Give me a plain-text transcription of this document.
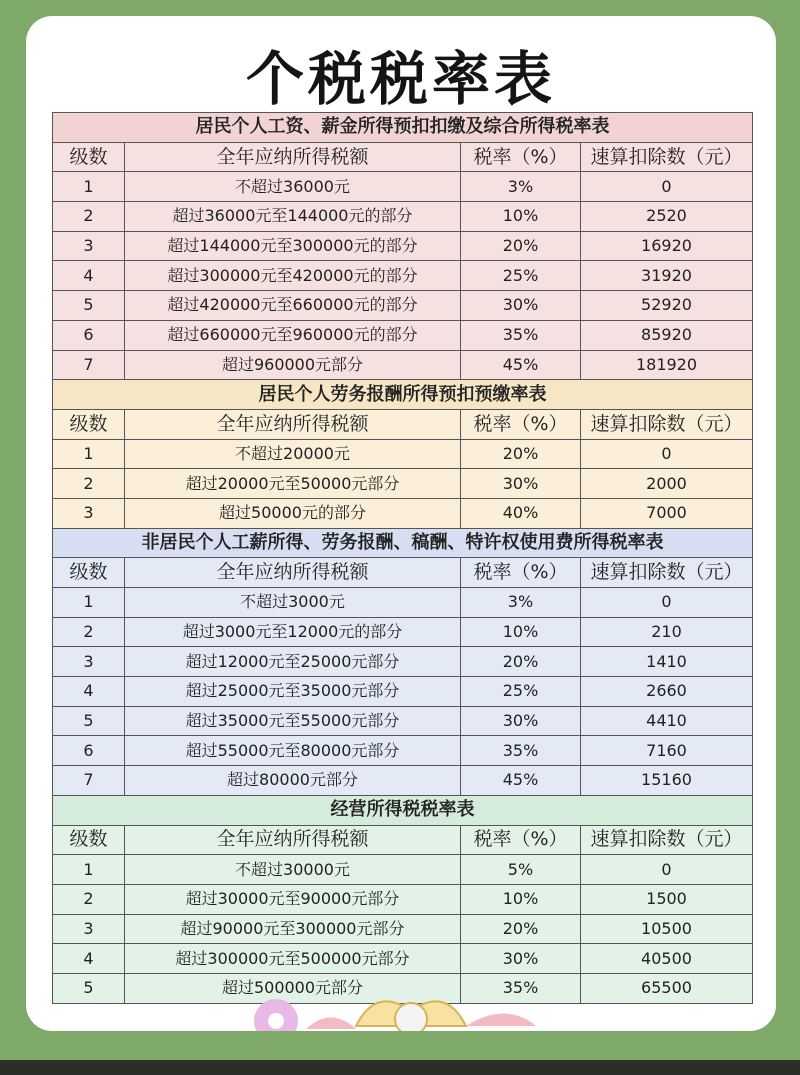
个税税率表
居民个人工资、薪金所得预扣扣缴及综合所得税率表			
级数	全年应纳所得税额	税率（%）	速算扣除数（元）
1	不超过36000元	3%	0
2	超过36000元至144000元的部分	10%	2520
3	超过144000元至300000元的部分	20%	16920
4	超过300000元至420000元的部分	25%	31920
5	超过420000元至660000元的部分	30%	52920
6	超过660000元至960000元的部分	35%	85920
7	超过960000元部分	45%	181920
居民个人劳务报酬所得预扣预缴率表			
级数	全年应纳所得税额	税率（%）	速算扣除数（元）
1	不超过20000元	20%	0
2	超过20000元至50000元部分	30%	2000
3	超过50000元的部分	40%	7000
非居民个人工薪所得、劳务报酬、稿酬、特许权使用费所得税率表			
级数	全年应纳所得税额	税率（%）	速算扣除数（元）
1	不超过3000元	3%	0
2	超过3000元至12000元的部分	10%	210
3	超过12000元至25000元部分	20%	1410
4	超过25000元至35000元部分	25%	2660
5	超过35000元至55000元部分	30%	4410
6	超过55000元至80000元部分	35%	7160
7	超过80000元部分	45%	15160
经营所得税税率表			
级数	全年应纳所得税额	税率（%）	速算扣除数（元）
1	不超过30000元	5%	0
2	超过30000元至90000元部分	10%	1500
3	超过90000元至300000元部分	20%	10500
4	超过300000元至500000元部分	30%	40500
5	超过500000元部分	35%	65500
